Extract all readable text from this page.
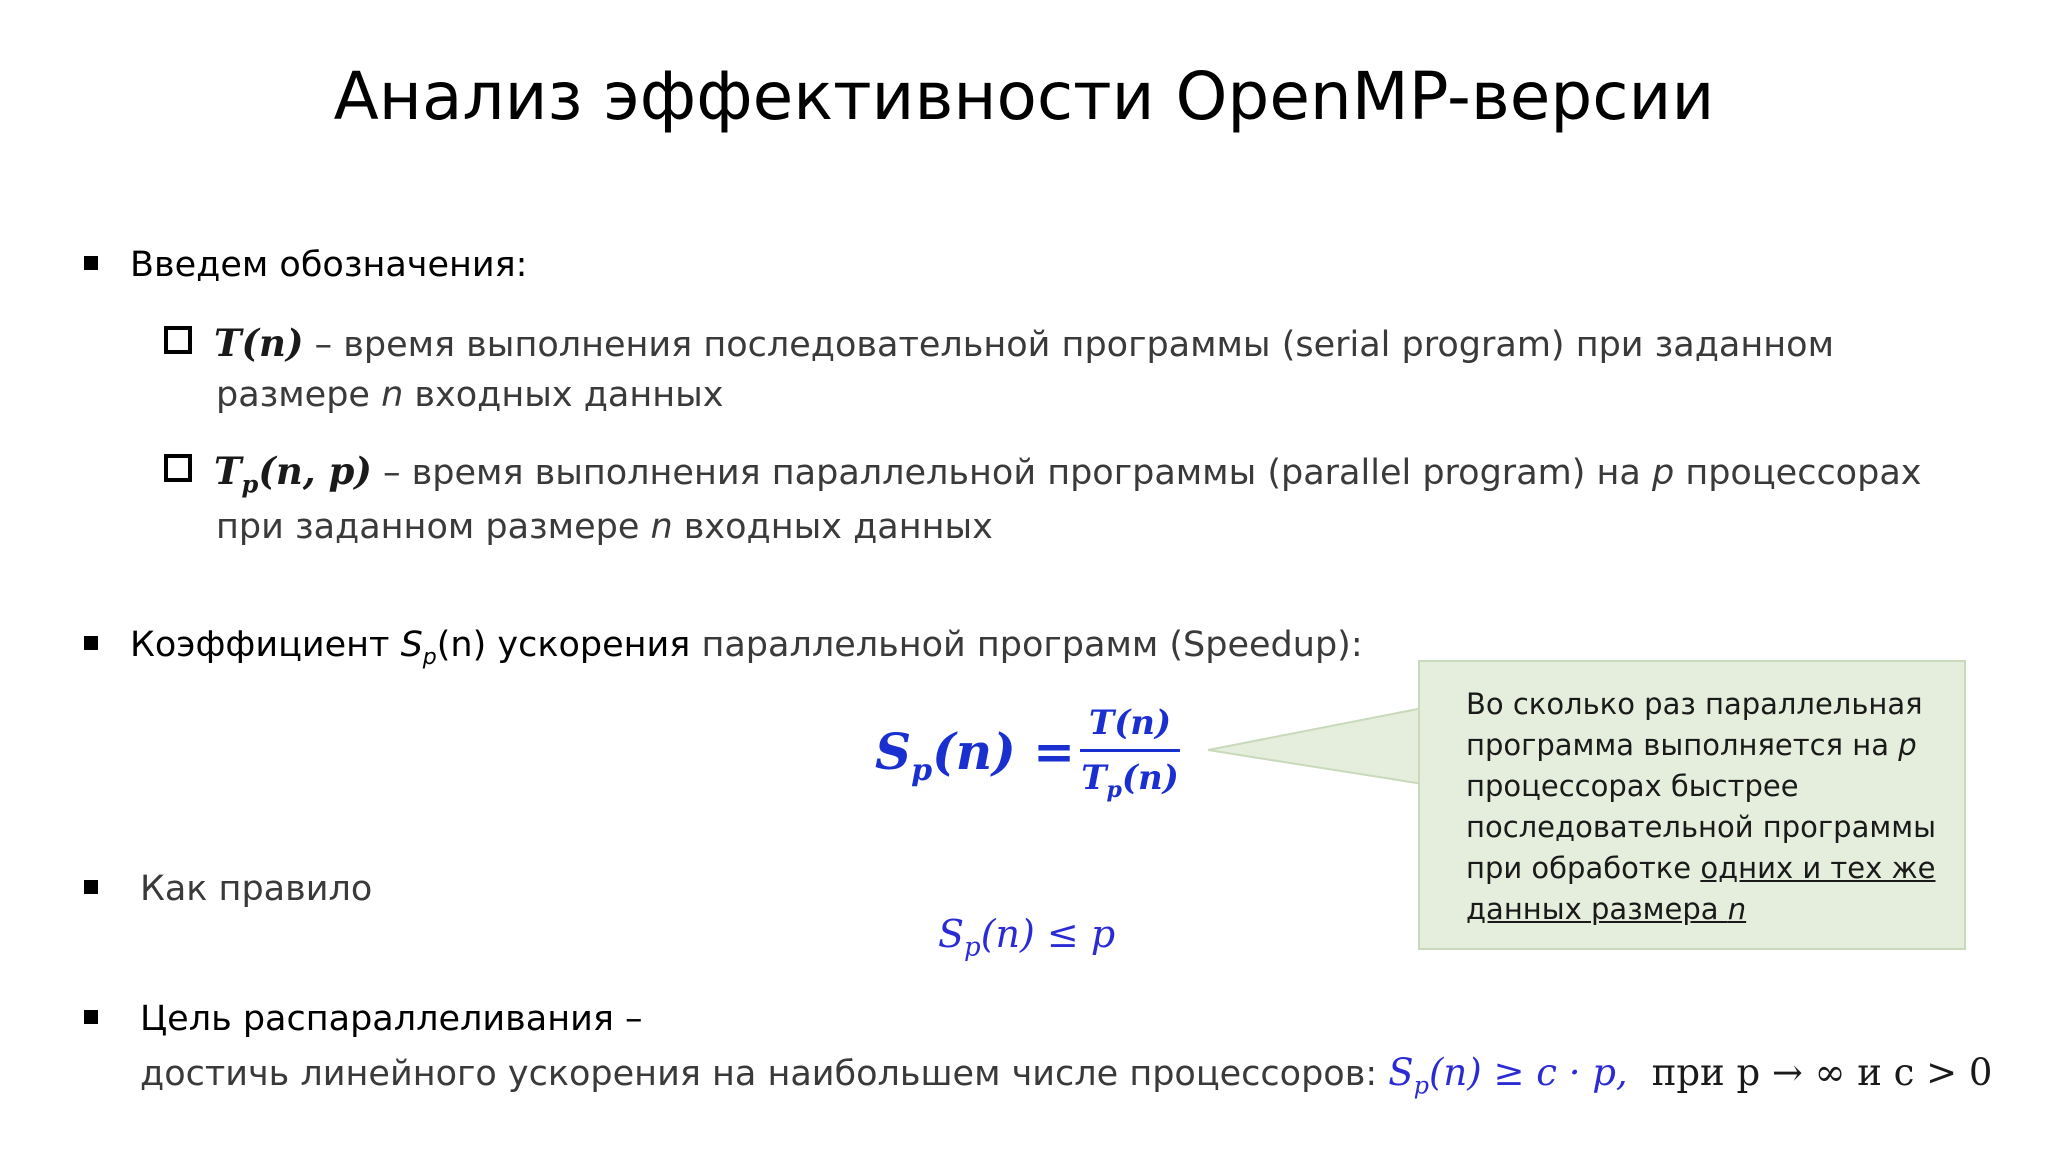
Анализ эффективности OpenMP-версии
Введем обозначения:
T(n) – время выполнения последовательной программы (serial program) при заданном
размере n входных данных
$T_p(n$, p) – время выполнения параллельной программы (parallel program) на p процессорах
при заданном размере n входных данных
Коэффициент $S_p(n)$ ускорения параллельной программ (Speedup):
$S_p(n) = T(n)$
$T_p(n)$
Во сколько раз параллельная
программа выполняется на p
процессорах быстрее
последовательной программы
при обработке одних и тех же
данных размера n
Как правило
$S_p(n) \le p$
Цель распараллеливания –
достичь линейного ускорения на наибольшем числе процессоров: $S_p(n) \ge c \cdot p$, при p → ∞ и c > 0
